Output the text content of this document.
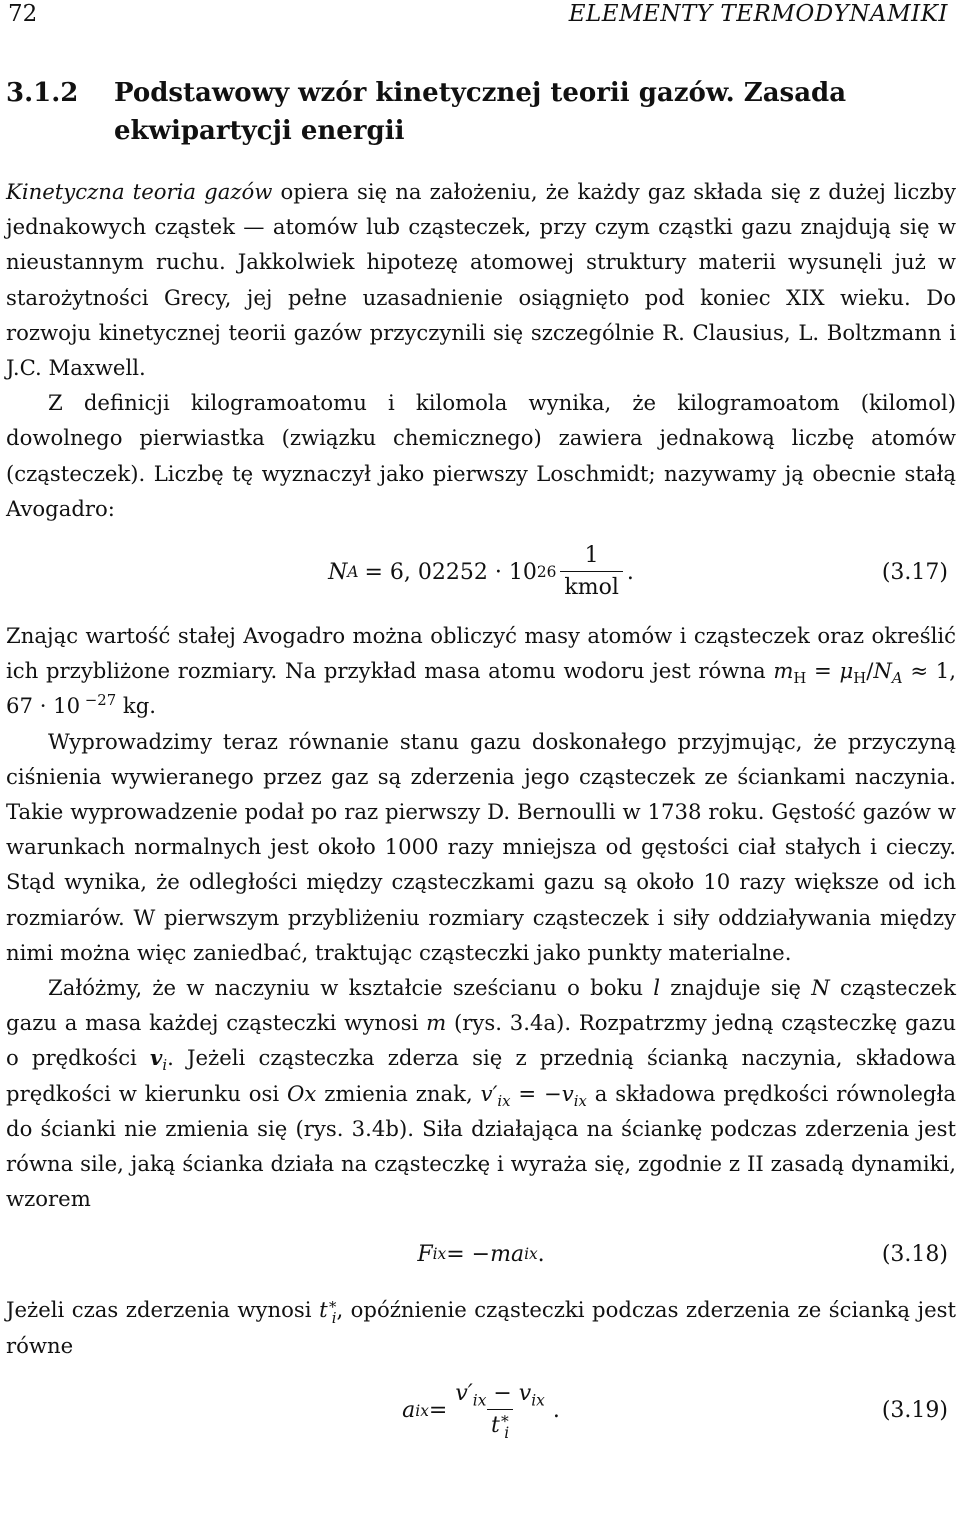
72	ELEMENTY TERMODYNAMIKI
3.1.2	Podstawowy wzór kinetycznej teorii gazów. Zasada ekwipartycji energii

Kinetyczna teoria gazów opiera się na założeniu, że każdy gaz składa się z dużej liczby jednakowych cząstek — atomów lub cząsteczek, przy czym cząstki gazu znajdują się w nieustannym ruchu. Jakkolwiek hipotezę atomowej struktury materii wysunęli już w starożytności Grecy, jej pełne uzasadnienie osiągnięto pod koniec XIX wieku. Do rozwoju kinetycznej teorii gazów przyczynili się szczególnie R. Clausius, L. Boltzmann i J.C. Maxwell.

Z definicji kilogramoatomu i kilomola wynika, że kilogramoatom (kilomol) dowolnego pierwiastka (związku chemicznego) zawiera jednakową liczbę atomów (cząsteczek). Liczbę tę wyznaczył jako pierwszy Loschmidt; nazywamy ją obecnie stałą Avogadro:

N A = 6, 02252 · 10 $26 \frac{1}{\text{kmol}}$ .	(3.17)

Znając wartość stałej Avogadro można obliczyć masy atomów i cząsteczek oraz określić ich przybliżone rozmiary. Na przykład masa atomu wodoru jest równa $m_H = \mu_H/N_A \approx 1$, 67 · 10 $^{-27}$ kg.

Wyprowadzimy teraz równanie stanu gazu doskonałego przyjmując, że przyczyną ciśnienia wywieranego przez gaz są zderzenia jego cząsteczek ze ściankami naczynia. Takie wyprowadzenie podał po raz pierwszy D. Bernoulli w 1738 roku. Gęstość gazów w warunkach normalnych jest około 1000 razy mniejsza od gęstości ciał stałych i cieczy. Stąd wynika, że odległości między cząsteczkami gazu są około 10 razy większe od ich rozmiarów. W pierwszym przybliżeniu rozmiary cząsteczek i siły oddziaływania między nimi można więc zaniedbać, traktując cząsteczki jako punkty materialne.

Załóżmy, że w naczyniu w kształcie sześcianu o boku l znajduje się N cząsteczek gazu a masa każdej cząsteczki wynosi m (rys. 3.4a). Rozpatrzmy jedną cząsteczkę gazu o prędkości $v_i$. Jeżeli cząsteczka zderza się z przednią ścianką naczynia, składowa prędkości w kierunku osi Ox zmienia znak, $v'_{ix} = -v_{ix}$ a składowa prędkości równoległa do ścianki nie zmienia się (rys. 3.4b). Siła działająca na ściankę podczas zderzenia jest równa sile, jaką ścianka działa na cząsteczkę i wyraża się, zgodnie z II zasadą dynamiki, wzorem

F ix = − ma ix .	(3.18)

Jeżeli czas zderzenia wynosi $t^∗_i$, opóźnienie cząsteczki podczas zderzenia ze ścianką jest równe

a ix = $\frac{v'_{ix} - v_{ix}}{t^∗_i}$ .	(3.19)
